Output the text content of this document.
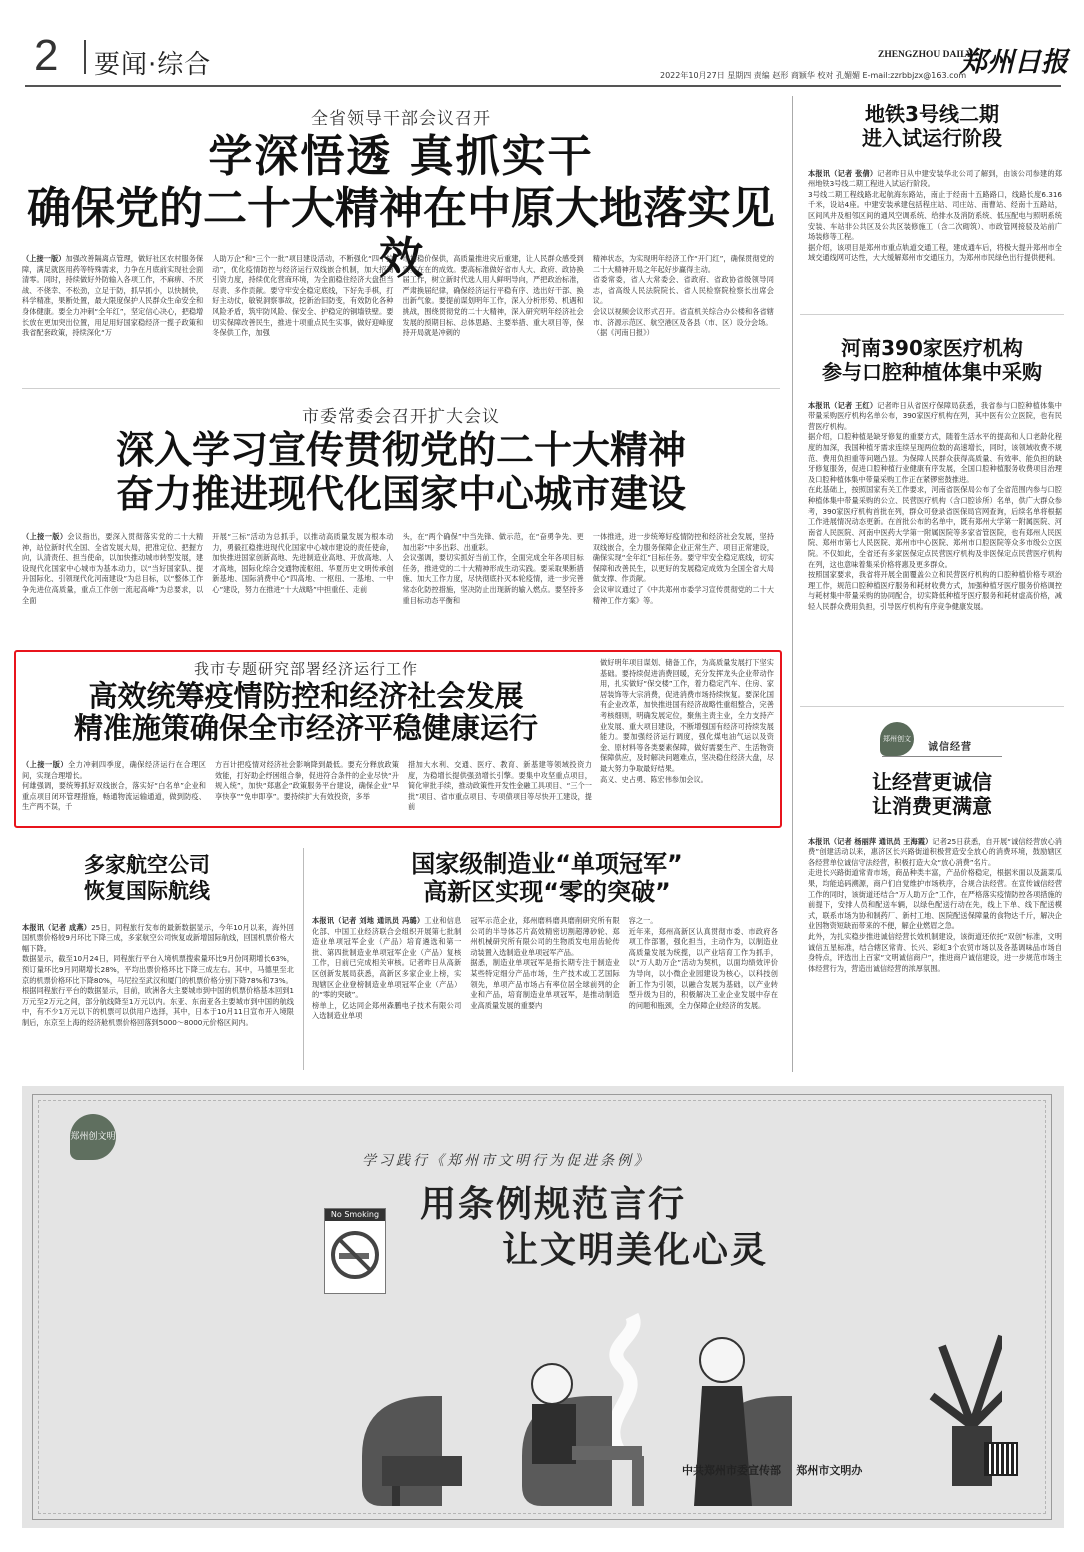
2 要闻·综合	ZHENGZHOU DAILY
郑州日报
2022年10月27日 星期四 责编 赵形 商颖华 校对 孔媚媚 E-mail:zzrbbjzx@163.com
全省领导干部会议召开
学深悟透 真抓实干
确保党的二十大精神在中原大地落实见效
（上接一版）加强改善隔离点管理，做好社区农村服务保障，满足就医用药等特殊需求，力争在月底前实现社会面清零。同时，持续做好外防输入各项工作，不麻痹、不厌战、不侥幸、不松劲，立足于防，抓早抓小，以快制快，科学精准，果断处置，最大限度保护人民群众生命安全和身体健康。要全力冲刺“全年红”，坚定信心决心，把稳增长放在更加突出位置，用足用好国家稳经济一揽子政策和我省配套政策，持续深化“万
人助万企”和“三个一批”项目建设活动，不断强化“四个拉动”，优化疫情防控与经济运行双线嵌合机制，加大招商引资力度，持续优化营商环境，为全面稳住经济大盘担当尽责、多作贡献。要守牢安全稳定底线，下好先手棋，打好主动仗，敏锐洞察事故，挖新治旧防变，有效防化各种风险矛盾，筑牢防风险、保安全、护稳定的铜墙铁壁。要切实保障改善民生，推进十项重点民生实事，做好迎峰度冬保供工作，加强
市场稳价保供，高质量推进灾后重建，让人民群众感受到实实在在的成效。要高标准做好省市人大、政府、政协换届工作，树立新时代选人用人鲜明导向，严把政治标准，严肃换届纪律，确保经济运行平稳有序、选出好干部、换出新气象。要提前谋划明年工作，深入分析形势、机遇和挑战，围绕贯彻党的二十大精神，深入研究明年经济社会发展的预期目标、总体思路、主要举措、重大项目等，保持开局就是冲刺的
精神状态，为实现明年经济工作“开门红”，确保贯彻党的二十大精神开局之年起好步赢得主动。
省委常委，省人大常委会、省政府、省政协省级领导同志，省高级人民法院院长、省人民检察院检察长出席会议。
会议以视频会议形式召开。省直机关综合办公楼和各省辖市、济源示范区、航空港区及各县（市、区）设分会场。
（据《河南日报》）
市委常委会召开扩大会议
深入学习宣传贯彻党的二十大精神
奋力推进现代化国家中心城市建设
（上接一版）会议指出，要深入贯彻落实党的二十大精神，站位新时代全国、全省发展大局，把准定位、把握方向，认清责任、担当使命，以加快推动城市转型发展，建设现代化国家中心城市为基本动力，以“当好国家队、提升国际化、引领现代化河南建设”为总目标，以“整体工作争先进位高质量，重点工作创一流起高峰”为总要求，以全面
开展“三标”活动为总抓手，以推动高质量发展为根本动力，勇毅扛稳推进现代化国家中心城市建设的责任使命，加快推进国家创新高地、先进制造业高地、开放高地、人才高地，国际化综合交通物流枢纽、华夏历史文明传承创新基地、国际消费中心“四高地、一枢纽、一基地、一中心”建设，努力在推进“十大战略”中担重任、走前
头，在“两个确保”中当先锋、做示范，在“奋勇争先、更加出彩”中多出彩、出重彩。
会议强调，要切实抓好当前工作，全面完成全年各项目标任务，推进党的二十大精神形成生动实践。要采取果断措施、加大工作力度，尽快彻底扑灭本轮疫情，进一步完善常态化防控措施，坚决防止出现新的输入燃点。要坚持多重目标动态平衡和
一体推进，进一步统筹好疫情防控和经济社会发展，坚持双线嵌合，全力服务保障企业正常生产、项目正常建设，确保实现“全年红”目标任务。要守牢安全稳定底线，切实保障和改善民生，以更好的发展稳定成效为全国全省大局做支撑、作贡献。
会议审议通过了《中共郑州市委学习宣传贯彻党的二十大精神工作方案》等。
我市专题研究部署经济运行工作
高效统筹疫情防控和经济社会发展
精准施策确保全市经济平稳健康运行
（上接一版）全力冲刺四季度，确保经济运行在合理区间，实现合理增长。
何雄强调，要统筹抓好双线嵌合，落实好“白名单”企业和重点项目闭环管理措施，畅通物流运输通道，做到防疫、生产两不误，千
方百计把疫情对经济社会影响降到最低。要充分释放政策效能，打好助企纾困组合拳，促进符合条件的企业尽快“升规入统”，加快“郑惠企”政策服务平台建设，确保企业“早享快享”“免申即享”。要持续扩大有效投资，多举
措加大水利、交通、医疗、教育、新基建等领域投资力度，为稳增长提供强劲增长引擎。要集中攻坚重点项目，简化审批手续，推动政策性开发性金融工具项目、“三个一批”项目、省市重点项目、专项债项目等尽快开工建设，提前
做好明年项目谋划、储备工作，为高质量发展打下坚实基础。要持续促进消费回暖，充分发挥龙头企业带动作用，扎实做好“保交楼”工作，着力稳定汽车、住房、家居装饰等大宗消费，促进消费市场持续恢复。要深化国有企业改革，加快推进国有经济战略性重组整合，完善考核细则，明确发展定位，聚焦主责主业，全力支持产业发展、重大项目建设，不断增强国有经济可持续发展能力。要加强经济运行调度，强化煤电油气运以及资金、原材料等各类要素保障，做好需要生产、生活物资保障供应，及时解决问题难点，坚决稳住经济大盘，尽最大努力争取最好结果。
高义、史占勇、陈宏伟参加会议。
多家航空公司
恢复国际航线

本报讯（记者 成燕）25日，同程旅行发布的最新数据显示，今年10月以来，海外回国机票价格较9月环比下降三成，多家航空公司恢复或新增国际航线，回国机票价格大幅下降。
数据显示，截至10月24日，同程旅行平台入境机票搜索量环比9月份同期增长63%，预订量环比9月同期增长28%，平均出票价格环比下降三成左右。其中，马德里至北京的机票价格环比下降80%，马尼拉至武汉和厦门的机票价格分别下降78%和73%。
根据同程旅行平台的数据显示，目前，欧洲各大主要城市到中国的机票价格基本回到1万元至2万元之间，部分航线降至1万元以内。东亚、东南亚各主要城市到中国的航线中，有不少1万元以下的机票可以供用户选择，其中，日本于10月11日宣布开入境限制后，东京至上海的经济舱机票价格回落到5000～8000元价格区间内。

国家级制造业“单项冠军”
高新区实现“零的突破”
本报讯（记者 刘地 通讯员 冯璐）工业和信息化部、中国工业经济联合会组织开展第七批制造业单项冠军企业（产品）培育遴选和第一批、第四批制造业单项冠军企业（产品）复核工作，日前已完成相关审核。记者昨日从高新区创新发展局获悉，高新区多家企业上榜，实现辖区企业登榜制造业单项冠军企业（产品）的“零的突破”。
榜单上，亿达同企郑州森鹏电子技术有限公司入选制造业单项
冠军示范企业，郑州磨料磨具磨削研究所有限公司的半导体芯片高效精密切割超薄砂轮、郑州机械研究所有限公司的生物质发电用齿轮传动装置入选制造业单项冠军产品。
据悉，制造业单项冠军是指长期专注于制造业某些特定细分产品市场，生产技术或工艺国际领先，单项产品市场占有率位居全球前列的企业和产品，培育制造业单项冠军，是推动制造业高质量发展的重要内
容之一。
近年来，郑州高新区认真贯彻市委、市政府各项工作部署，强化担当，主动作为，以制造业高质量发展为统揽，以产业培育工作为抓手，以“万人助万企”活动为契机，以面均绩效评价为导向，以小微企业园建设为核心，以科技创新工作为引领，以融合发展为基础，以产业转型升级为目的，积极解决工业企业发展中存在的问题和瓶颈，全力保障企业经济的发展。
地铁3号线二期
进入试运行阶段

本报讯（记者 张倩）记者昨日从中建安装华北公司了解到，由该公司参建的郑州地铁3号线二期工程进入试运行阶段。
3号线二期工程线路北起航海东路站，南止于经南十五路路口，线路长度6.316千米，设站4座。中建安装承建包括程庄站、司庄站、南曹站、经南十五路站，区间风井及相邻区间的通风空调系统、给排水及消防系统、低压配电与照明系统安装、车站非公共区及公共区装修施工（含二次砌筑）、市政管网接驳及站前广场装修等工程。
据介绍，该项目是郑州市重点轨道交通工程，建成通车后，将极大提升郑州市全域交通线网可达性，大大缓解郑州市交通压力，为郑州市民绿色出行提供便利。

河南390家医疗机构
参与口腔种植体集中采购

本报讯（记者 王红）记者昨日从省医疗保障局获悉，我省参与口腔种植体集中带量采购医疗机构名单公布，390家医疗机构在列，其中医有公立医院，也有民营医疗机构。
据介绍，口腔种植是缺牙修复的重要方式，随着生活水平的提高和人口老龄化程度的加深，我国种植牙需求连续呈现两位数的高速增长，同时，该领域收费不规范、费用负担重等问题凸显。为保障人民群众获得高质量、有效率、能负担的缺牙修复服务，促进口腔种植行业健康有序发展，全国口腔种植服务收费项目治理及口腔种植体集中带量采购工作正在紧锣密鼓推进。
在此基础上，按照国家有关工作要求，河南省医保局公布了全省范围内参与口腔种植体集中带量采购的公立、民营医疗机构（含口腔诊所）名单，供广大群众参考，390家医疗机构首批在列，群众可登录省医保局官网查询，后续名单将根据工作进展情况动态更新。在首批公布的名单中，既有郑州大学第一附属医院、河南省人民医院、河南中医药大学第一附属医院等多家省管医院，也有郑州人民医院、郑州市第七人民医院、郑州市中心医院、郑州市口腔医院等众多市级公立医院。不仅如此，全省还有多家医保定点民营医疗机构及非医保定点民营医疗机构在列，这也意味着集采价格将惠及更多群众。
按照国家要求，我省将开展全面覆盖公立和民营医疗机构的口腔种植价格专项治理工作，规范口腔种植医疗服务和耗材收费方式，加强种植牙医疗服务价格调控与耗材集中带量采购的协同配合，切实降低种植牙医疗服务和耗材虚高价格，减轻人民群众费用负担，引导医疗机构有序竞争健康发展。

郑州创文
诚信经营
让经营更诚信
让消费更满意

本报讯（记者 杨丽萍 通讯员 王海霞）记者25日获悉，自开展“诚信经营放心消费”创建活动以来，惠济区长兴路街道积极营造安全放心的消费环境，鼓励辖区各经营单位诚信守法经营，积极打造大众“放心消费”名片。
走进长兴路街道常青市场，商品种类丰富，产品价格稳定，根据米面以及蔬菜瓜果，均能追码溯源，商户们自觉维护市场秩序，合规合法经营。在宣传诚信经营工作的同时，该街道还结合“万人助万企”工作，在严格落实疫情防控各项措施的前提下，安排人员和配送车辆，以绿色配送行动在先，线上下单、线下配送模式，联系市场为协和制药厂、新村工地、医院配送保障量的食物达千斤，解决企业因物资短缺而带来的不便，解企业燃眉之急。
此外，为扎实稳步推进诚信经营长效机制建设，该街道还依托“双创”标准，文明诚信五星标准，结合辖区常青、长兴、彩虹3个农贸市场以及各基调味品市场自身特点，评选出上百家“文明诚信商户”，推进商户诚信建设，进一步规范市场主体经营行为，营造出诚信经营的浓厚氛围。

郑州创文明
学习践行《郑州市文明行为促进条例》
用条例规范言行
让文明美化心灵
No Smoking
中共郑州市委宣传部    郑州市文明办
